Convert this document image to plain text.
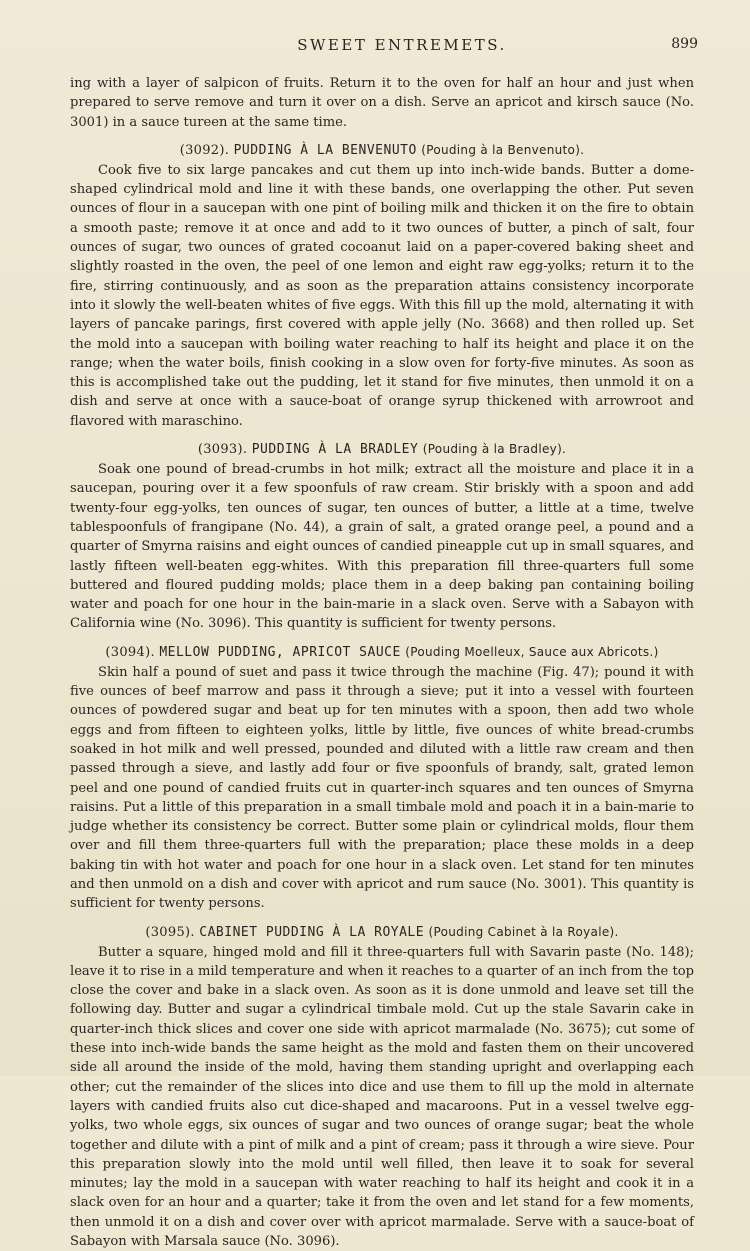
SWEET ENTREMETS.	899

ing with a layer of salpicon of fruits. Return it to the oven for half an hour and just when prepared to serve remove and turn it over on a dish. Serve an apricot and kirsch sauce (No. 3001) in a sauce tureen at the same time.

(3092). PUDDING À LA BENVENUTO (Pouding à la Benvenuto).

Cook five to six large pancakes and cut them up into inch-wide bands. Butter a dome-shaped cylindrical mold and line it with these bands, one overlapping the other. Put seven ounces of flour in a saucepan with one pint of boiling milk and thicken it on the fire to obtain a smooth paste; remove it at once and add to it two ounces of butter, a pinch of salt, four ounces of sugar, two ounces of grated cocoanut laid on a paper-covered baking sheet and slightly roasted in the oven, the peel of one lemon and eight raw egg-yolks; return it to the fire, stirring continuously, and as soon as the preparation attains consistency incorporate into it slowly the well-beaten whites of five eggs. With this fill up the mold, alternating it with layers of pancake parings, first covered with apple jelly (No. 3668) and then rolled up. Set the mold into a saucepan with boiling water reaching to half its height and place it on the range; when the water boils, finish cooking in a slow oven for forty-five minutes. As soon as this is accomplished take out the pudding, let it stand for five minutes, then unmold it on a dish and serve at once with a sauce-boat of orange syrup thickened with arrowroot and flavored with maraschino.

(3093). PUDDING À LA BRADLEY (Pouding à la Bradley).

Soak one pound of bread-crumbs in hot milk; extract all the moisture and place it in a saucepan, pouring over it a few spoonfuls of raw cream. Stir briskly with a spoon and add twenty-four egg-yolks, ten ounces of sugar, ten ounces of butter, a little at a time, twelve tablespoonfuls of frangipane (No. 44), a grain of salt, a grated orange peel, a pound and a quarter of Smyrna raisins and eight ounces of candied pineapple cut up in small squares, and lastly fifteen well-beaten egg-whites. With this preparation fill three-quarters full some buttered and floured pudding molds; place them in a deep baking pan containing boiling water and poach for one hour in the bain-marie in a slack oven. Serve with a Sabayon with California wine (No. 3096). This quantity is sufficient for twenty persons.

(3094). MELLOW PUDDING, APRICOT SAUCE (Pouding Moelleux, Sauce aux Abricots.)

Skin half a pound of suet and pass it twice through the machine (Fig. 47); pound it with five ounces of beef marrow and pass it through a sieve; put it into a vessel with fourteen ounces of powdered sugar and beat up for ten minutes with a spoon, then add two whole eggs and from fifteen to eighteen yolks, little by little, five ounces of white bread-crumbs soaked in hot milk and well pressed, pounded and diluted with a little raw cream and then passed through a sieve, and lastly add four or five spoonfuls of brandy, salt, grated lemon peel and one pound of candied fruits cut in quarter-inch squares and ten ounces of Smyrna raisins. Put a little of this preparation in a small timbale mold and poach it in a bain-marie to judge whether its consistency be correct. Butter some plain or cylindrical molds, flour them over and fill them three-quarters full with the preparation; place these molds in a deep baking tin with hot water and poach for one hour in a slack oven. Let stand for ten minutes and then unmold on a dish and cover with apricot and rum sauce (No. 3001). This quantity is sufficient for twenty persons.

(3095). CABINET PUDDING À LA ROYALE (Pouding Cabinet à la Royale).

Butter a square, hinged mold and fill it three-quarters full with Savarin paste (No. 148); leave it to rise in a mild temperature and when it reaches to a quarter of an inch from the top close the cover and bake in a slack oven. As soon as it is done unmold and leave set till the following day. Butter and sugar a cylindrical timbale mold. Cut up the stale Savarin cake in quarter-inch thick slices and cover one side with apricot marmalade (No. 3675); cut some of these into inch-wide bands the same height as the mold and fasten them on their uncovered side all around the inside of the mold, having them standing upright and overlapping each other; cut the remainder of the slices into dice and use them to fill up the mold in alternate layers with candied fruits also cut dice-shaped and macaroons. Put in a vessel twelve egg-yolks, two whole eggs, six ounces of sugar and two ounces of orange sugar; beat the whole together and dilute with a pint of milk and a pint of cream; pass it through a wire sieve. Pour this preparation slowly into the mold until well filled, then leave it to soak for several minutes; lay the mold in a saucepan with water reaching to half its height and cook it in a slack oven for an hour and a quarter; take it from the oven and let stand for a few moments, then unmold it on a dish and cover over with apricot marmalade. Serve with a sauce-boat of Sabayon with Marsala sauce (No. 3096).
